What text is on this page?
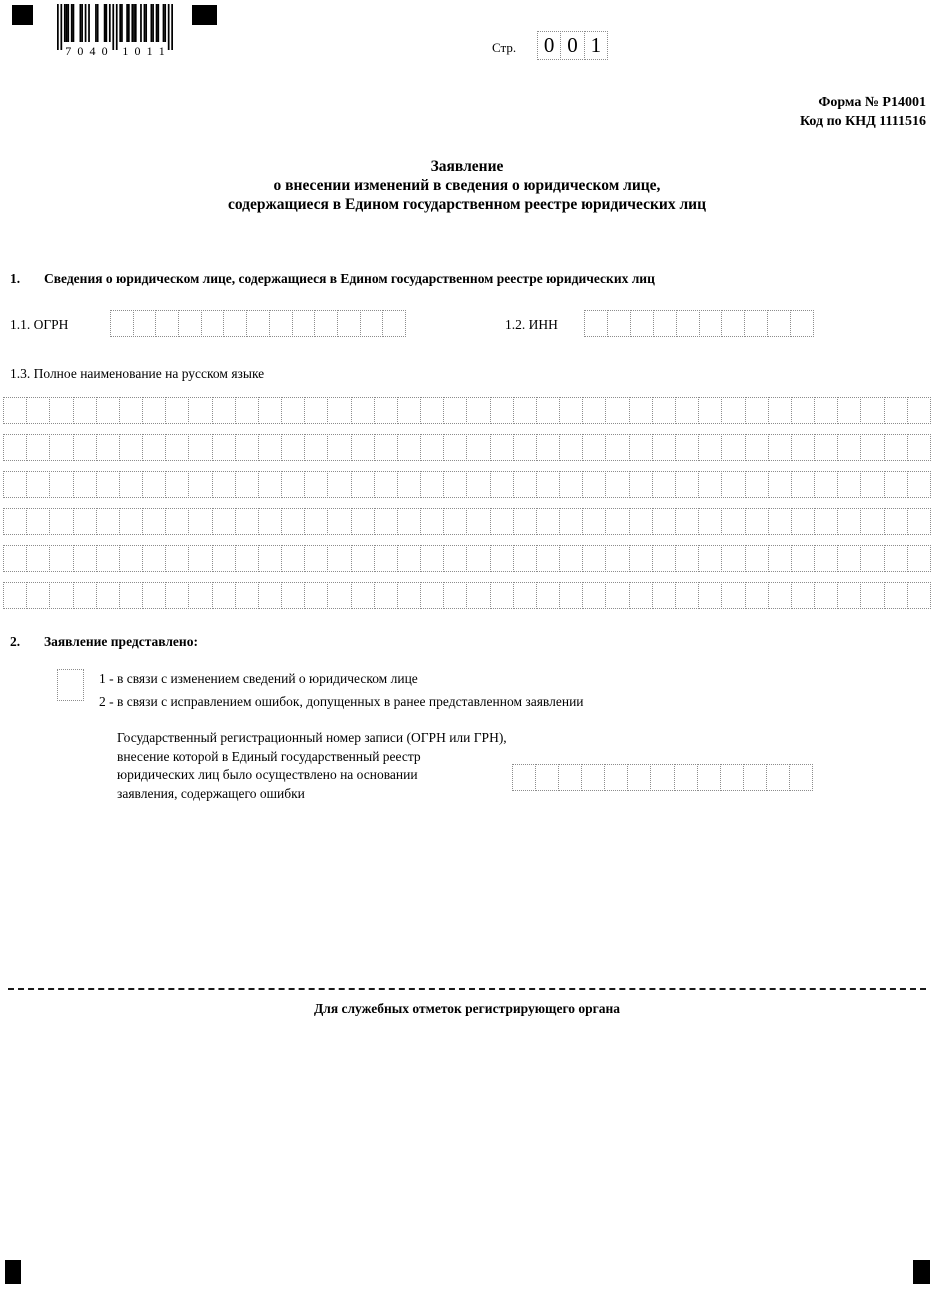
7 0 4 0 1 0 1 1	Стр.	0 0 1
Форма № Р14001
Код по КНД 1111516
Заявление
о внесении изменений в сведения о юридическом лице,
содержащиеся в Едином государственном реестре юридических лиц
1. Сведения о юридическом лице, содержащиеся в Едином государственном реестре юридических лиц
1.1. ОГРН	1.2. ИНН
1.3. Полное наименование на русском языке
2. Заявление представлено:
1 - в связи с изменением сведений о юридическом лице
2 - в связи с исправлением ошибок, допущенных в ранее представленном заявлении
Государственный регистрационный номер записи (ОГРН или ГРН),
внесение которой в Единый государственный реестр
юридических лиц было осуществлено на основании
заявления, содержащего ошибки
Для служебных отметок регистрирующего органа
